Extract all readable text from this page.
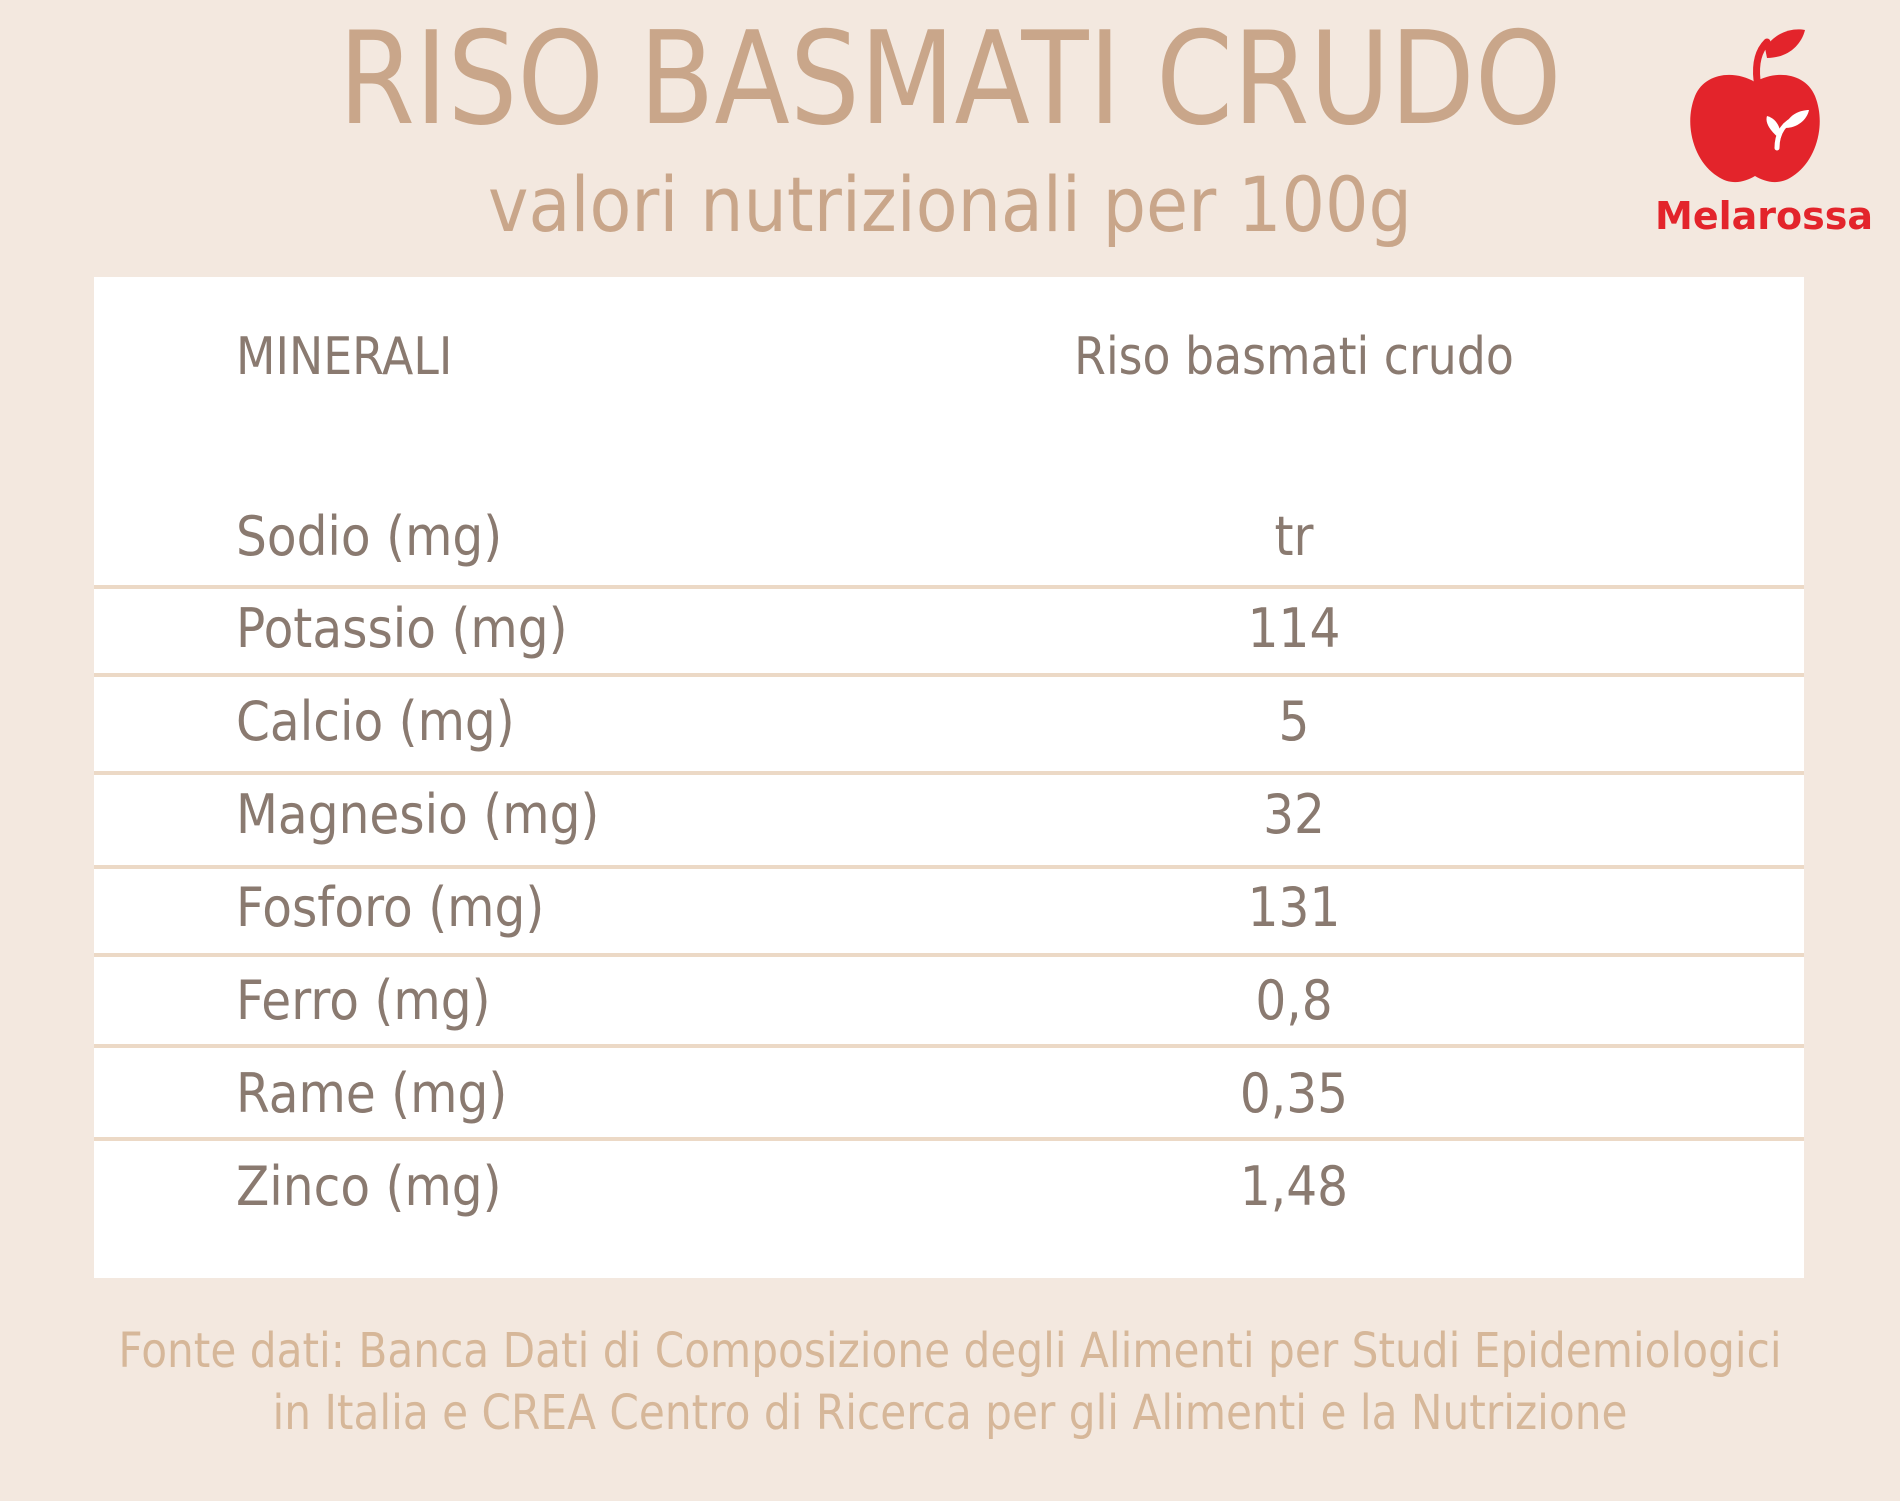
RISO BASMATI CRUDO
valori nutrizionali per 100g	Melarossa
MINERALI	Riso basmati crudo
Sodio (mg)	tr
Potassio (mg)	114
Calcio (mg)	5
Magnesio (mg)	32
Fosforo (mg)	131
Ferro (mg)	0,8
Rame (mg)	0,35
Zinco (mg)	1,48
Fonte dati: Banca Dati di Composizione degli Alimenti per Studi Epidemiologici
in Italia e CREA Centro di Ricerca per gli Alimenti e la Nutrizione
